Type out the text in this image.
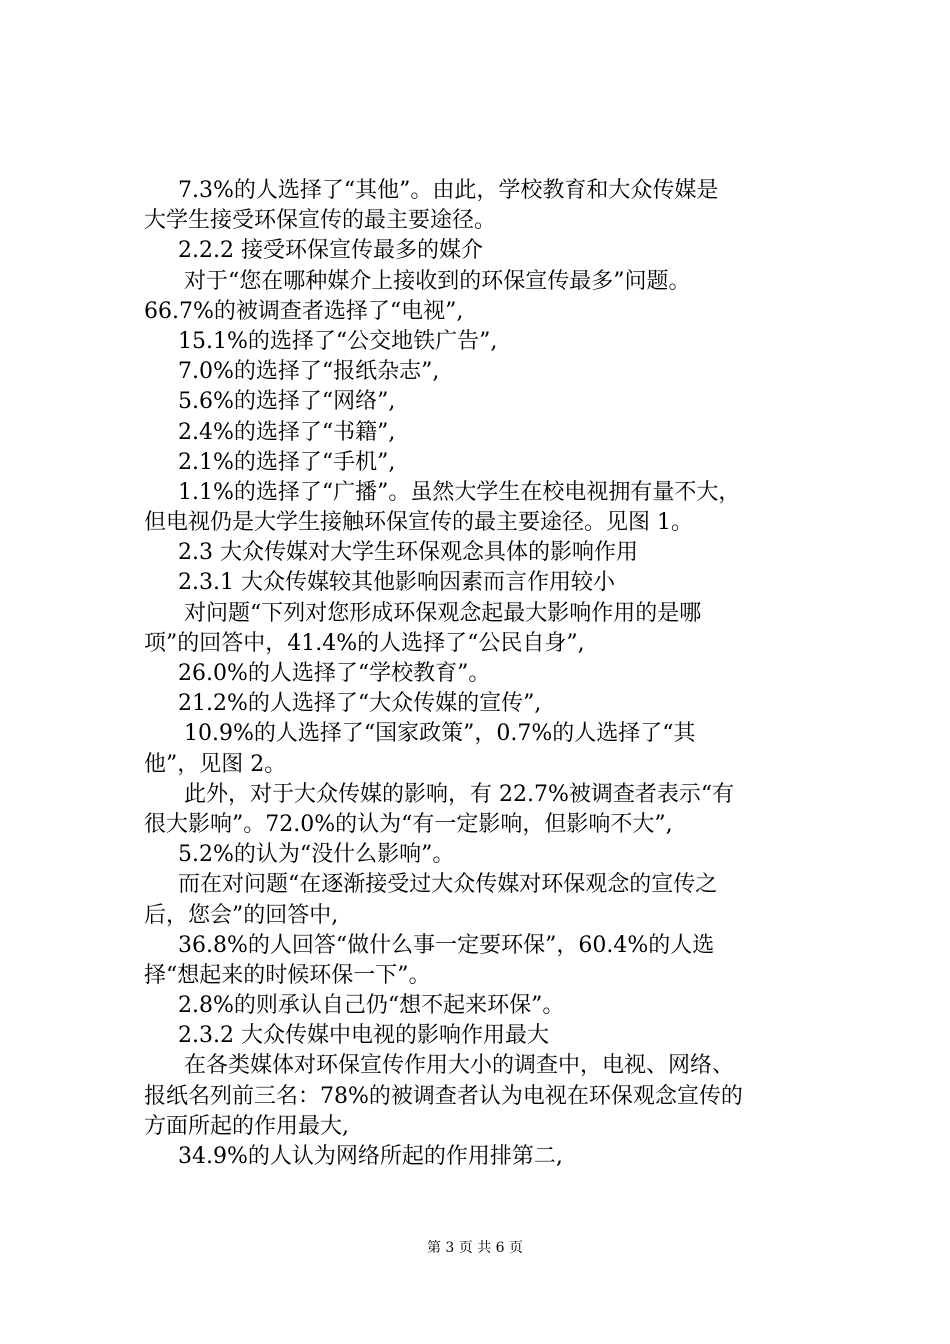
7.3%的人选择了“其他”。由此，学校教育和大众传媒是
大学生接受环保宣传的最主要途径。
2.2.2 接受环保宣传最多的媒介
对于“您在哪种媒介上接收到的环保宣传最多”问题。
66.7%的被调查者选择了“电视”,
15.1%的选择了“公交地铁广告”,
7.0%的选择了“报纸杂志”,
5.6%的选择了“网络”,
2.4%的选择了“书籍”,
2.1%的选择了“手机”,
1.1%的选择了“广播”。虽然大学生在校电视拥有量不大，
但电视仍是大学生接触环保宣传的最主要途径。见图 1。
2.3 大众传媒对大学生环保观念具体的影响作用
2.3.1 大众传媒较其他影响因素而言作用较小
对问题“下列对您形成环保观念起最大影响作用的是哪
项”的回答中，41.4%的人选择了“公民自身”,
26.0%的人选择了“学校教育”。
21.2%的人选择了“大众传媒的宣传”,
10.9%的人选择了“国家政策”，0.7%的人选择了“其
他”，见图 2。
此外，对于大众传媒的影响，有 22.7%被调查者表示“有
很大影响”。72.0%的认为“有一定影响，但影响不大”,
5.2%的认为“没什么影响”。
而在对问题“在逐渐接受过大众传媒对环保观念的宣传之
后，您会”的回答中,
36.8%的人回答“做什么事一定要环保”，60.4%的人选
择“想起来的时候环保一下”。
2.8%的则承认自己仍“想不起来环保”。
2.3.2 大众传媒中电视的影响作用最大
在各类媒体对环保宣传作用大小的调查中，电视、网络、
报纸名列前三名：78%的被调查者认为电视在环保观念宣传的
方面所起的作用最大,
34.9%的人认为网络所起的作用排第二,
第 3 页 共 6 页
